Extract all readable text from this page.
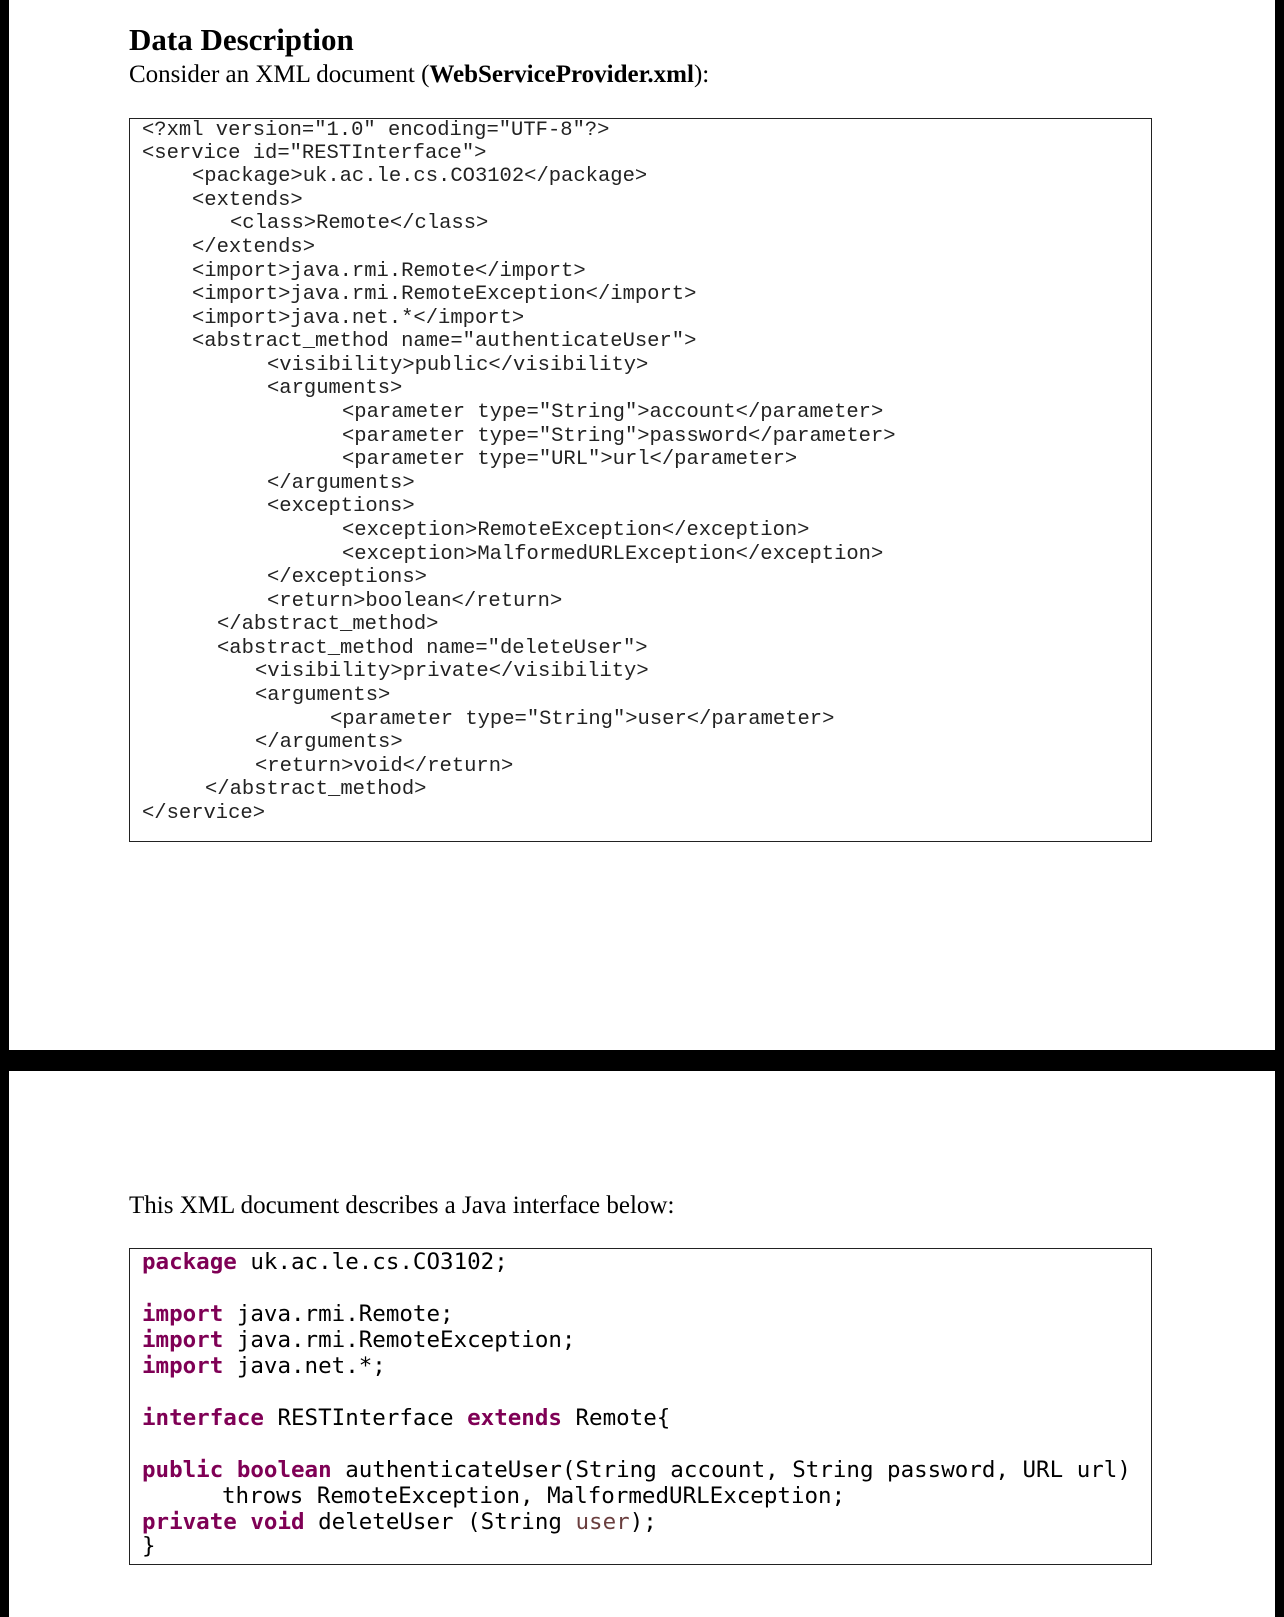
Data Description

Consider an XML document (WebServiceProvider.xml):

<?xml version="1.0" encoding="UTF-8"?>
<service id="RESTInterface">
<package>uk.ac.le.cs.CO3102</package>
<extends>
<class>Remote</class>
</extends>
<import>java.rmi.Remote</import>
<import>java.rmi.RemoteException</import>
<import>java.net.*</import>
<abstract_method name="authenticateUser">
<visibility>public</visibility>
<arguments>
<parameter type="String">account</parameter>
<parameter type="String">password</parameter>
<parameter type="URL">url</parameter>
</arguments>
<exceptions>
<exception>RemoteException</exception>
<exception>MalformedURLException</exception>
</exceptions>
<return>boolean</return>
</abstract_method>
<abstract_method name="deleteUser">
<visibility>private</visibility>
<arguments>
<parameter type="String">user</parameter>
</arguments>
<return>void</return>
</abstract_method>
</service>

This XML document describes a Java interface below:

package uk.ac.le.cs.CO3102;
import java.rmi.Remote;
import java.rmi.RemoteException;
import java.net.*;
interface RESTInterface extends Remote{
public boolean authenticateUser(String account, String password, URL url)
throws RemoteException, MalformedURLException;
private void deleteUser (String user);
}
